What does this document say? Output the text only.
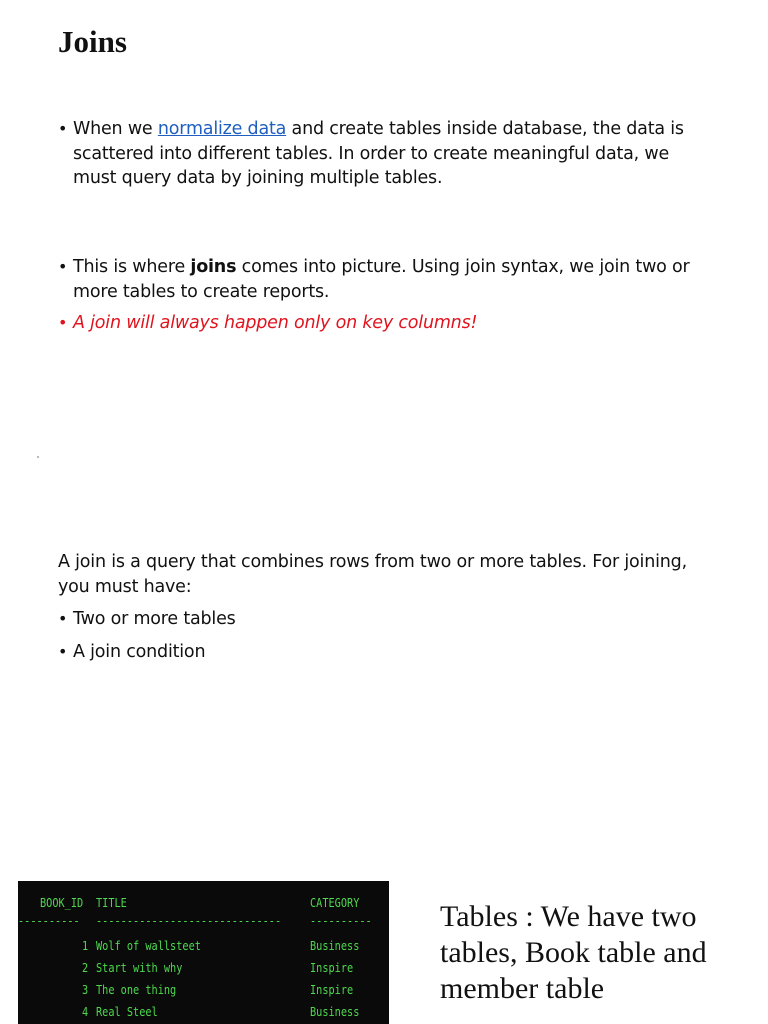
Joins
• When we normalize data and create tables inside database, the data is scattered into different tables. In order to create meaningful data, we must query data by joining multiple tables.
• This is where joins comes into picture. Using join syntax, we join two or more tables to create reports.
• A join will always happen only on key columns!
A join is a query that combines rows from two or more tables. For joining, you must have:
• Two or more tables
• A join condition
BOOK_ID TITLE	CATEGORY
---------- ------------------------------ ----------
1 Wolf of wallsteet	Business
2 Start with why	Inspire
3 The one thing	Inspire
4 Real Steel	Business
Tables : We have two tables, Book table and member table
